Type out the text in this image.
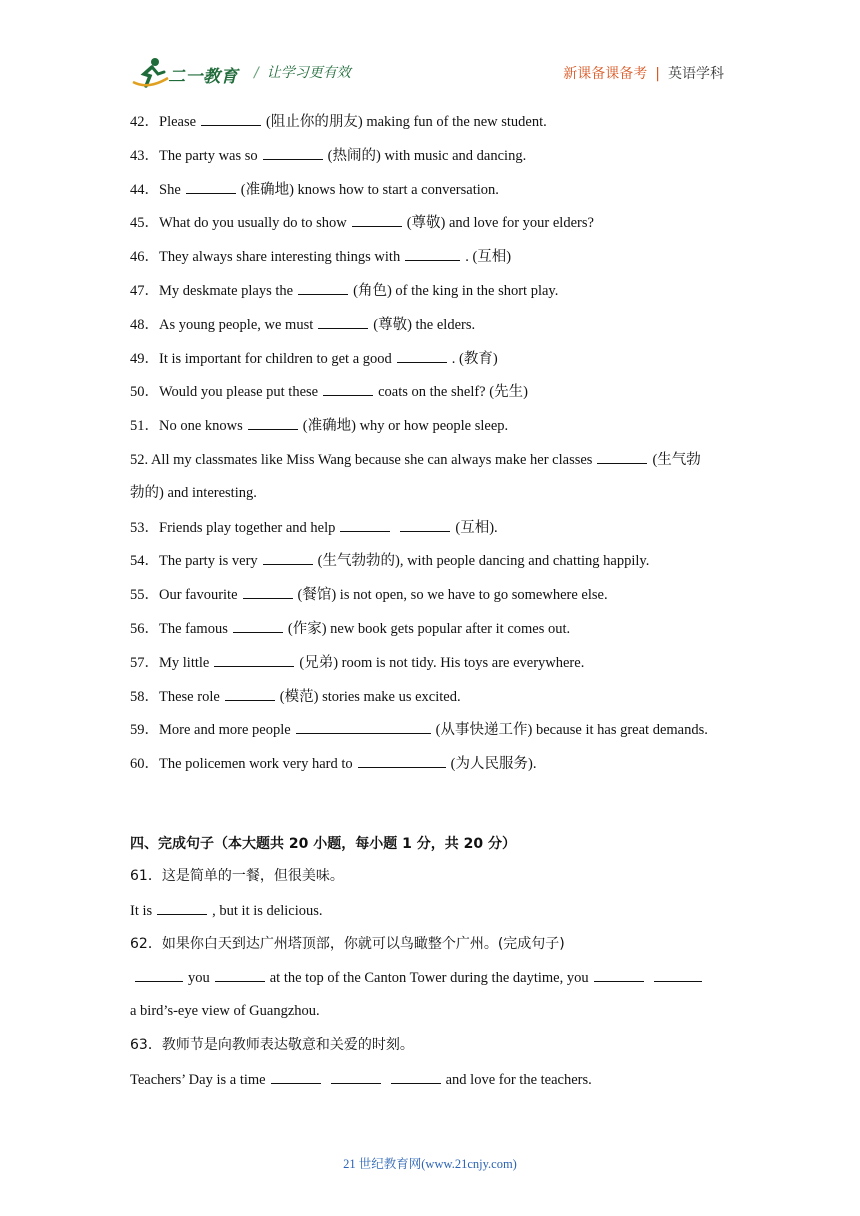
二一教育 / 让学习更有效	新课备课备考 | 英语学科
42．Please	(阻止你的朋友) making fun of the new student.
43．The party was so	(热闹的) with music and dancing.
44．She	(准确地) knows how to start a conversation.
45．What do you usually do to show	(尊敬) and love for your elders?
46．They always share interesting things with	. (互相)
47．My deskmate plays the	(角色) of the king in the short play.
48．As young people, we must	(尊敬) the elders.
49．It is important for children to get a good	. (教育)
50．Would you please put these	coats on the shelf? (先生)
51．No one knows	(准确地) why or how people sleep.
52. All my classmates like Miss Wang because she can always make her classes	(生气勃
勃的) and interesting.
53．Friends play together and help	(互相).
54．The party is very	(生气勃勃的), with people dancing and chatting happily.
55．Our favourite	(餐馆) is not open, so we have to go somewhere else.
56．The famous	(作家) new book gets popular after it comes out.
57．My little	(兄弟) room is not tidy. His toys are everywhere.
58．These role	(模范) stories make us excited.
59．More and more people	(从事快递工作) because it has great demands.
60．The policemen work very hard to	(为人民服务).
四、完成句子（本大题共 20 小题，每小题 1 分，共 20 分）
61．这是简单的一餐，但很美味。
It is	, but it is delicious.
62．如果你白天到达广州塔顶部，你就可以鸟瞰整个广州。(完成句子)
you	at the top of the Canton Tower during the daytime, you
a bird’s-eye view of Guangzhou.
63．教师节是向教师表达敬意和关爱的时刻。
Teachers’ Day is a time	and love for the teachers.
21 世纪教育网(www.21cnjy.com)
